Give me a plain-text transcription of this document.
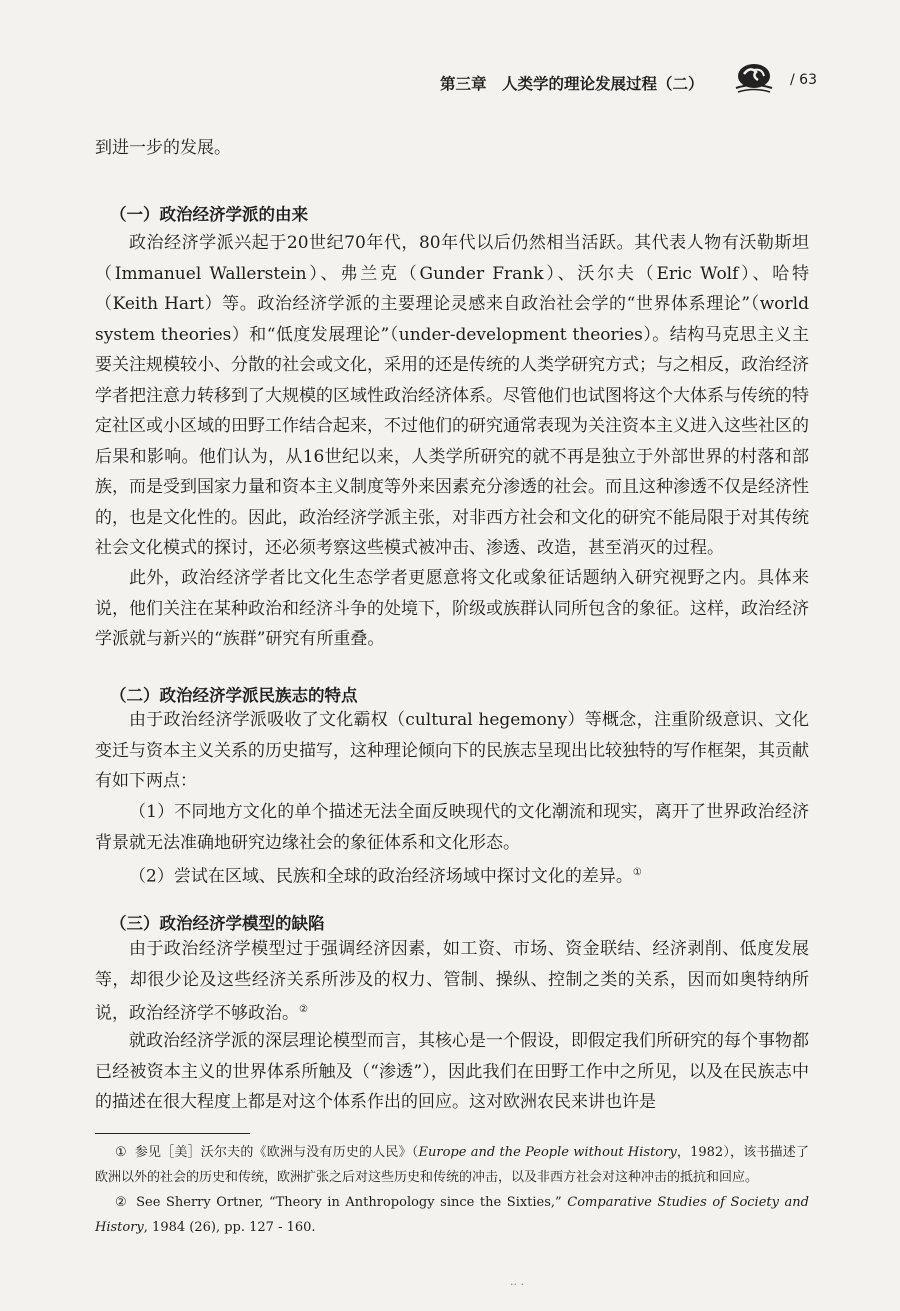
第三章　人类学的理论发展过程（二）	/ 63

到进一步的发展。

（一）政治经济学派的由来

政治经济学派兴起于20世纪70年代，80年代以后仍然相当活跃。其代表人物有沃勒斯坦（Immanuel Wallerstein）、弗兰克（Gunder Frank）、沃尔夫（Eric Wolf）、哈特（Keith Hart）等。政治经济学派的主要理论灵感来自政治社会学的“世界体系理论”（world system theories）和“低度发展理论”（under-development theories）。结构马克思主义主要关注规模较小、分散的社会或文化，采用的还是传统的人类学研究方式；与之相反，政治经济学者把注意力转移到了大规模的区域性政治经济体系。尽管他们也试图将这个大体系与传统的特定社区或小区域的田野工作结合起来，不过他们的研究通常表现为关注资本主义进入这些社区的后果和影响。他们认为，从16世纪以来，人类学所研究的就不再是独立于外部世界的村落和部族，而是受到国家力量和资本主义制度等外来因素充分渗透的社会。而且这种渗透不仅是经济性的，也是文化性的。因此，政治经济学派主张，对非西方社会和文化的研究不能局限于对其传统社会文化模式的探讨，还必须考察这些模式被冲击、渗透、改造，甚至消灭的过程。

此外，政治经济学者比文化生态学者更愿意将文化或象征话题纳入研究视野之内。具体来说，他们关注在某种政治和经济斗争的处境下，阶级或族群认同所包含的象征。这样，政治经济学派就与新兴的“族群”研究有所重叠。

（二）政治经济学派民族志的特点

由于政治经济学派吸收了文化霸权（cultural hegemony）等概念，注重阶级意识、文化变迁与资本主义关系的历史描写，这种理论倾向下的民族志呈现出比较独特的写作框架，其贡献有如下两点：

（1）不同地方文化的单个描述无法全面反映现代的文化潮流和现实，离开了世界政治经济背景就无法准确地研究边缘社会的象征体系和文化形态。

（2）尝试在区域、民族和全球的政治经济场域中探讨文化的差异。①

（三）政治经济学模型的缺陷

由于政治经济学模型过于强调经济因素，如工资、市场、资金联结、经济剥削、低度发展等，却很少论及这些经济关系所涉及的权力、管制、操纵、控制之类的关系，因而如奥特纳所说，政治经济学不够政治。②

就政治经济学派的深层理论模型而言，其核心是一个假设，即假定我们所研究的每个事物都已经被资本主义的世界体系所触及（“渗透”），因此我们在田野工作中之所见，以及在民族志中的描述在很大程度上都是对这个体系作出的回应。这对欧洲农民来讲也许是

① 参见［美］沃尔夫的《欧洲与没有历史的人民》（Europe and the People without History，1982），该书描述了欧洲以外的社会的历史和传统，欧洲扩张之后对这些历史和传统的冲击，以及非西方社会对这种冲击的抵抗和回应。

② See Sherry Ortner, “Theory in Anthropology since the Sixties,” Comparative Studies of Society and History, 1984 (26), pp. 127 - 160.

.. .
